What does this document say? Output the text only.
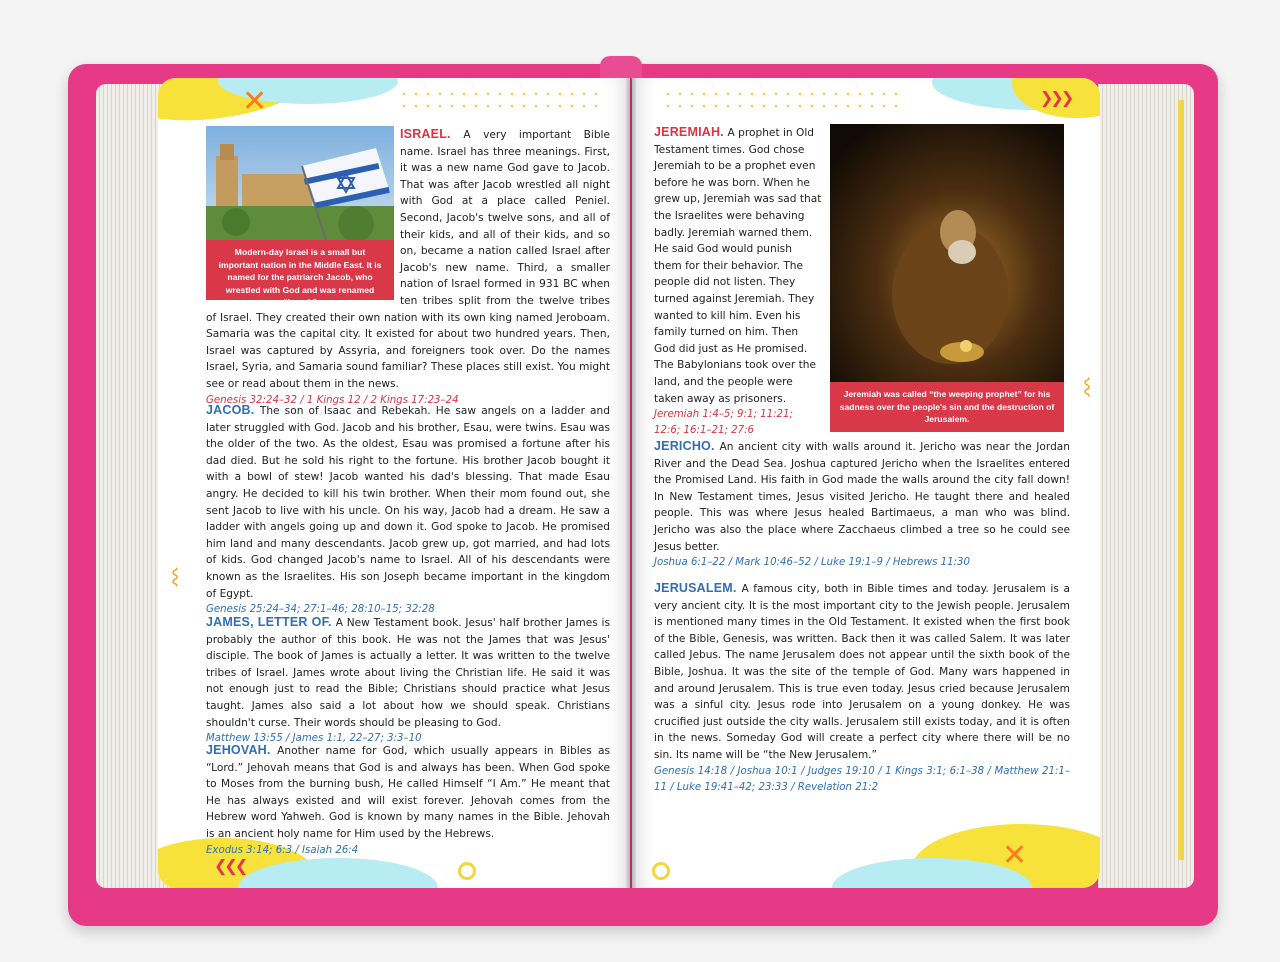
✕
❮❮❮
〰
Modern-day Israel is a small but important nation in the Middle East. It is named for the patriarch Jacob, who wrestled with God and was renamed “Israel.”
ISRAEL. A very important Bible name. Israel has three meanings. First, it was a new name God gave to Jacob. That was after Jacob wrestled all night with God at a place called Peniel. Second, Jacob's twelve sons, and all of their kids, and all of their kids, and so on, became a nation called Israel after Jacob's new name. Third, a smaller nation of Israel formed in 931 BC when ten tribes split from the twelve tribes of Israel. They created their own nation with its own king named Jeroboam. Samaria was the capital city. It existed for about two hundred years. Then, Israel was captured by Assyria, and foreigners took over. Do the names Israel, Syria, and Samaria sound familiar? These places still exist. You might see or read about them in the news.
Genesis 32:24–32 / 1 Kings 12 / 2 Kings 17:23–24
JACOB. The son of Isaac and Rebekah. He saw angels on a ladder and later struggled with God. Jacob and his brother, Esau, were twins. Esau was the older of the two. As the oldest, Esau was promised a fortune after his dad died. But he sold his right to the fortune. His brother Jacob bought it with a bowl of stew! Jacob wanted his dad's blessing. That made Esau angry. He decided to kill his twin brother. When their mom found out, she sent Jacob to live with his uncle. On his way, Jacob had a dream. He saw a ladder with angels going up and down it. God spoke to Jacob. He promised him land and many descendants. Jacob grew up, got married, and had lots of kids. God changed Jacob's name to Israel. All of his descendants were known as the Israelites. His son Joseph became important in the kingdom of Egypt.
Genesis 25:24–34; 27:1–46; 28:10–15; 32:28
JAMES, LETTER OF. A New Testament book. Jesus' half brother James is probably the author of this book. He was not the James that was Jesus' disciple. The book of James is actually a letter. It was written to the twelve tribes of Israel. James wrote about living the Christian life. He said it was not enough just to read the Bible; Christians should practice what Jesus taught. James also said a lot about how we should speak. Christians shouldn't curse. Their words should be pleasing to God.
Matthew 13:55 / James 1:1, 22–27; 3:3–10
JEHOVAH. Another name for God, which usually appears in Bibles as “Lord.” Jehovah means that God is and always has been. When God spoke to Moses from the burning bush, He called Himself “I Am.” He meant that He has always existed and will exist forever. Jehovah comes from the Hebrew word Yahweh. God is known by many names in the Bible. Jehovah is an ancient holy name for Him used by the Hebrews.
Exodus 3:14; 6:3 / Isaiah 26:4
❯❯❯
✕
〰
Jeremiah was called “the weeping prophet” for his sadness over the people's sin and the destruction of Jerusalem.
JEREMIAH. A prophet in Old Testament times. God chose Jeremiah to be a prophet even before he was born. When he grew up, Jeremiah was sad that the Israelites were behaving badly. Jeremiah warned them. He said God would punish them for their behavior. The people did not listen. They turned against Jeremiah. They wanted to kill him. Even his family turned on him. Then God did just as He promised. The Babylonians took over the land, and the people were taken away as prisoners.
Jeremiah 1:4–5; 9:1; 11:21; 12:6; 16:1–21; 27:6
JERICHO. An ancient city with walls around it. Jericho was near the Jordan River and the Dead Sea. Joshua captured Jericho when the Israelites entered the Promised Land. His faith in God made the walls around the city fall down! In New Testament times, Jesus visited Jericho. He taught there and healed people. This was where Jesus healed Bartimaeus, a man who was blind. Jericho was also the place where Zacchaeus climbed a tree so he could see Jesus better.
Joshua 6:1–22 / Mark 10:46–52 / Luke 19:1–9 / Hebrews 11:30
JERUSALEM. A famous city, both in Bible times and today. Jerusalem is a very ancient city. It is the most important city to the Jewish people. Jerusalem is mentioned many times in the Old Testament. It existed when the first book of the Bible, Genesis, was written. Back then it was called Salem. It was later called Jebus. The name Jerusalem does not appear until the sixth book of the Bible, Joshua. It was the site of the temple of God. Many wars happened in and around Jerusalem. This is true even today. Jesus cried because Jerusalem was a sinful city. Jesus rode into Jerusalem on a young donkey. He was crucified just outside the city walls. Jerusalem still exists today, and it is often in the news. Someday God will create a perfect city where there will be no sin. Its name will be “the New Jerusalem.”
Genesis 14:18 / Joshua 10:1 / Judges 19:10 / 1 Kings 3:1; 6:1–38 / Matthew 21:1–11 / Luke 19:41–42; 23:33 / Revelation 21:2
